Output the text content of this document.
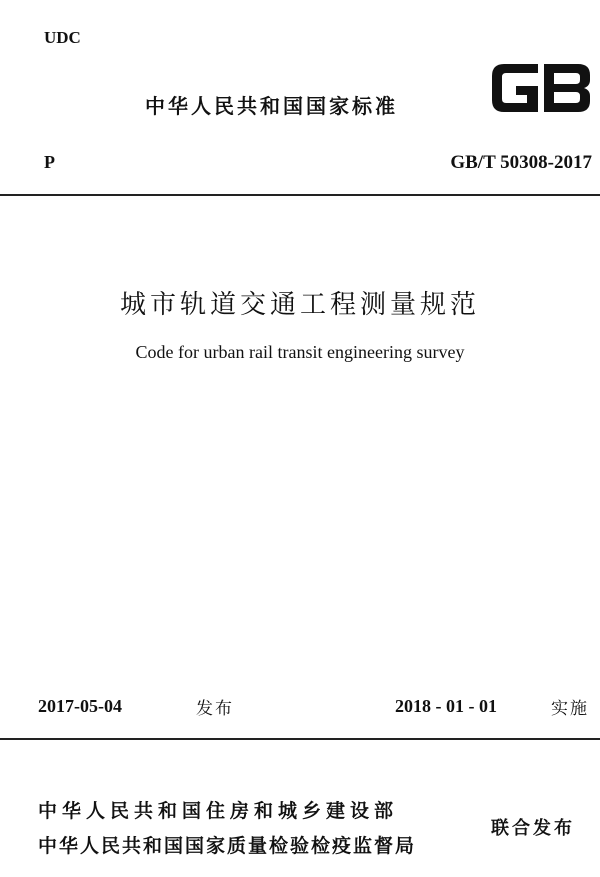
UDC
中华人民共和国国家标准
P	GB/T 50308-2017
城市轨道交通工程测量规范
Code for urban rail transit engineering survey
2017-05-04	发布	2018 - 01 - 01	实施
中华人民共和国住房和城乡建设部
中华人民共和国国家质量检验检疫监督局
联合发布
